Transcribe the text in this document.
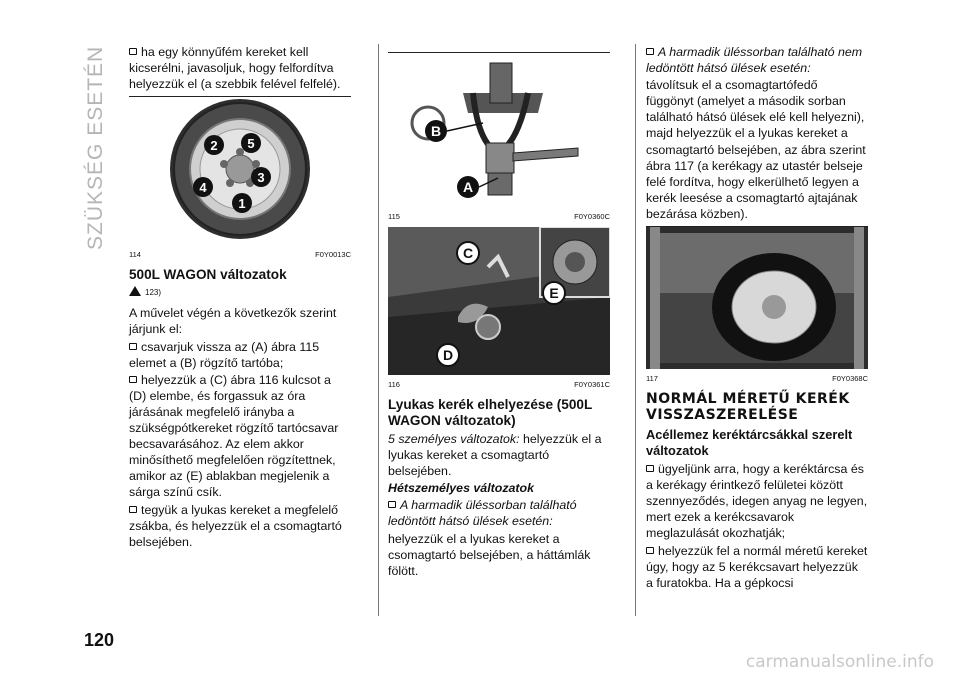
SZÜKSÉG ESETÉN	ha egy könnyűfém kereket kell kicserélni, javasoljuk, hogy felfordítva helyezzük el (a szebbik felével felfelé).

2 5
4
3
1
114	F0Y0013C
500L WAGON változatok
123)

A művelet végén a következők szerint járjunk el:

csavarjuk vissza az (A) ábra 115 elemet a (B) rögzítő tartóba;

helyezzük a (C) ábra 116 kulcsot a (D) elembe, és forgassuk az óra járásának megfelelő irányba a szükségpótkereket rögzítő tartócsavar becsavarásához. Az elem akkor minősíthető megfelelően rögzítettnek, amikor az (E) ablakban megjelenik a sárga színű csík.

tegyük a lyukas kereket a megfelelő zsákba, és helyezzük el a csomagtartó belsejében.

B
A
115	F0Y0360C
C
E
D
116	F0Y0361C
Lyukas kerék elhelyezése (500L WAGON változatok)

5 személyes változatok: helyezzük el a lyukas kereket a csomagtartó belsejében.

Hétszemélyes változatok

A harmadik üléssorban található ledöntött hátsó ülések esetén:

helyezzük el a lyukas kereket a csomagtartó belsejében, a háttámlák fölött.

A harmadik üléssorban található nem ledöntött hátsó ülések esetén:

távolítsuk el a csomagtartófedő függönyt (amelyet a második sorban található hátsó ülések elé kell helyezni), majd helyezzük el a lyukas kereket a csomagtartó belsejében, az ábra szerint ábra 117 (a kerékagy az utastér belseje felé fordítva, hogy elkerülhető legyen a kerék leesése a csomagtartó ajtajának bezárása közben).

117	F0Y0368C
NORMÁL MÉRETŰ KERÉK VISSZASZERELÉSE
Acéllemez keréktárcsákkal szerelt változatok

ügyeljünk arra, hogy a keréktárcsa és a kerékagy érintkező felületei között szennyeződés, idegen anyag ne legyen, mert ezek a kerékcsavarok meglazulását okozhatják;

helyezzük fel a normál méretű kereket úgy, hogy az 5 kerékcsavart helyezzük a furatokba. Ha a gépkocsi

120
carmanualsonline.info
